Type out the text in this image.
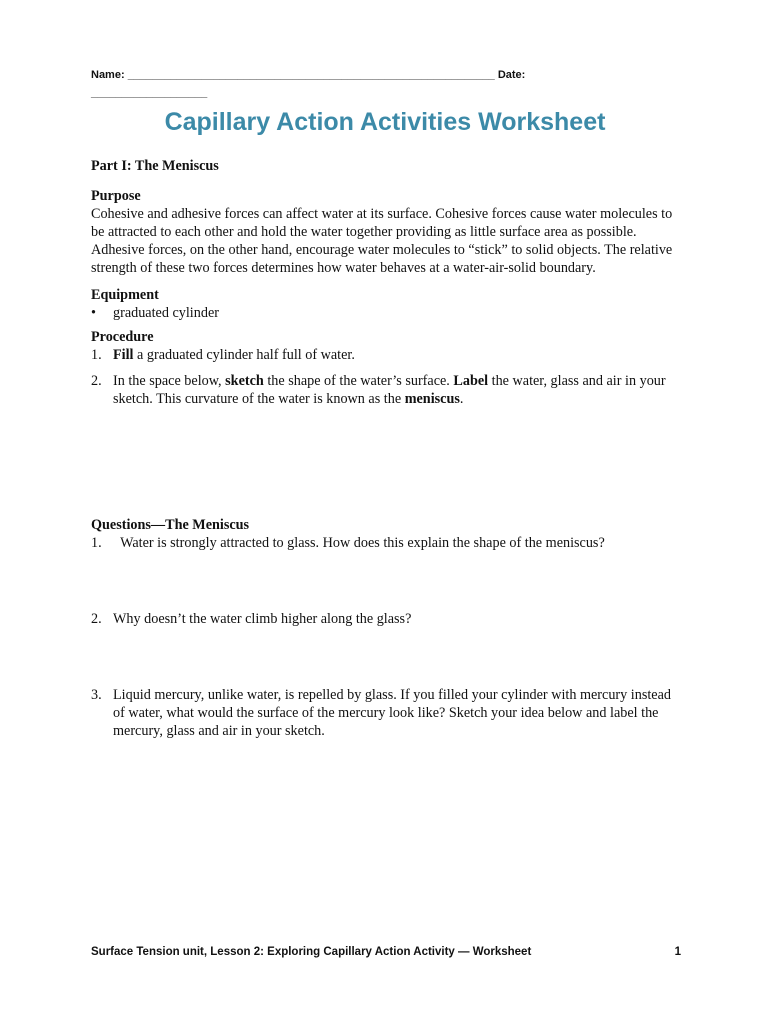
Name: ____________________________________________________________ Date:
___________________
Capillary Action Activities Worksheet

Part I: The Meniscus

Purpose

Cohesive and adhesive forces can affect water at its surface. Cohesive forces cause water molecules to be attracted to each other and hold the water together providing as little surface area as possible. Adhesive forces, on the other hand, encourage water molecules to “stick” to solid objects. The relative strength of these two forces determines how water behaves at a water-air-solid boundary.

Equipment

• graduated cylinder

Procedure

1. Fill a graduated cylinder half full of water.
2. In the space below, sketch the shape of the water’s surface. Label the water, glass and air in your sketch. This curvature of the water is known as the meniscus.

Questions—The Meniscus

1. Water is strongly attracted to glass. How does this explain the shape of the meniscus?
2. Why doesn’t the water climb higher along the glass?
3. Liquid mercury, unlike water, is repelled by glass. If you filled your cylinder with mercury instead of water, what would the surface of the mercury look like? Sketch your idea below and label the mercury, glass and air in your sketch.
Surface Tension unit, Lesson 2: Exploring Capillary Action Activity — Worksheet	1
